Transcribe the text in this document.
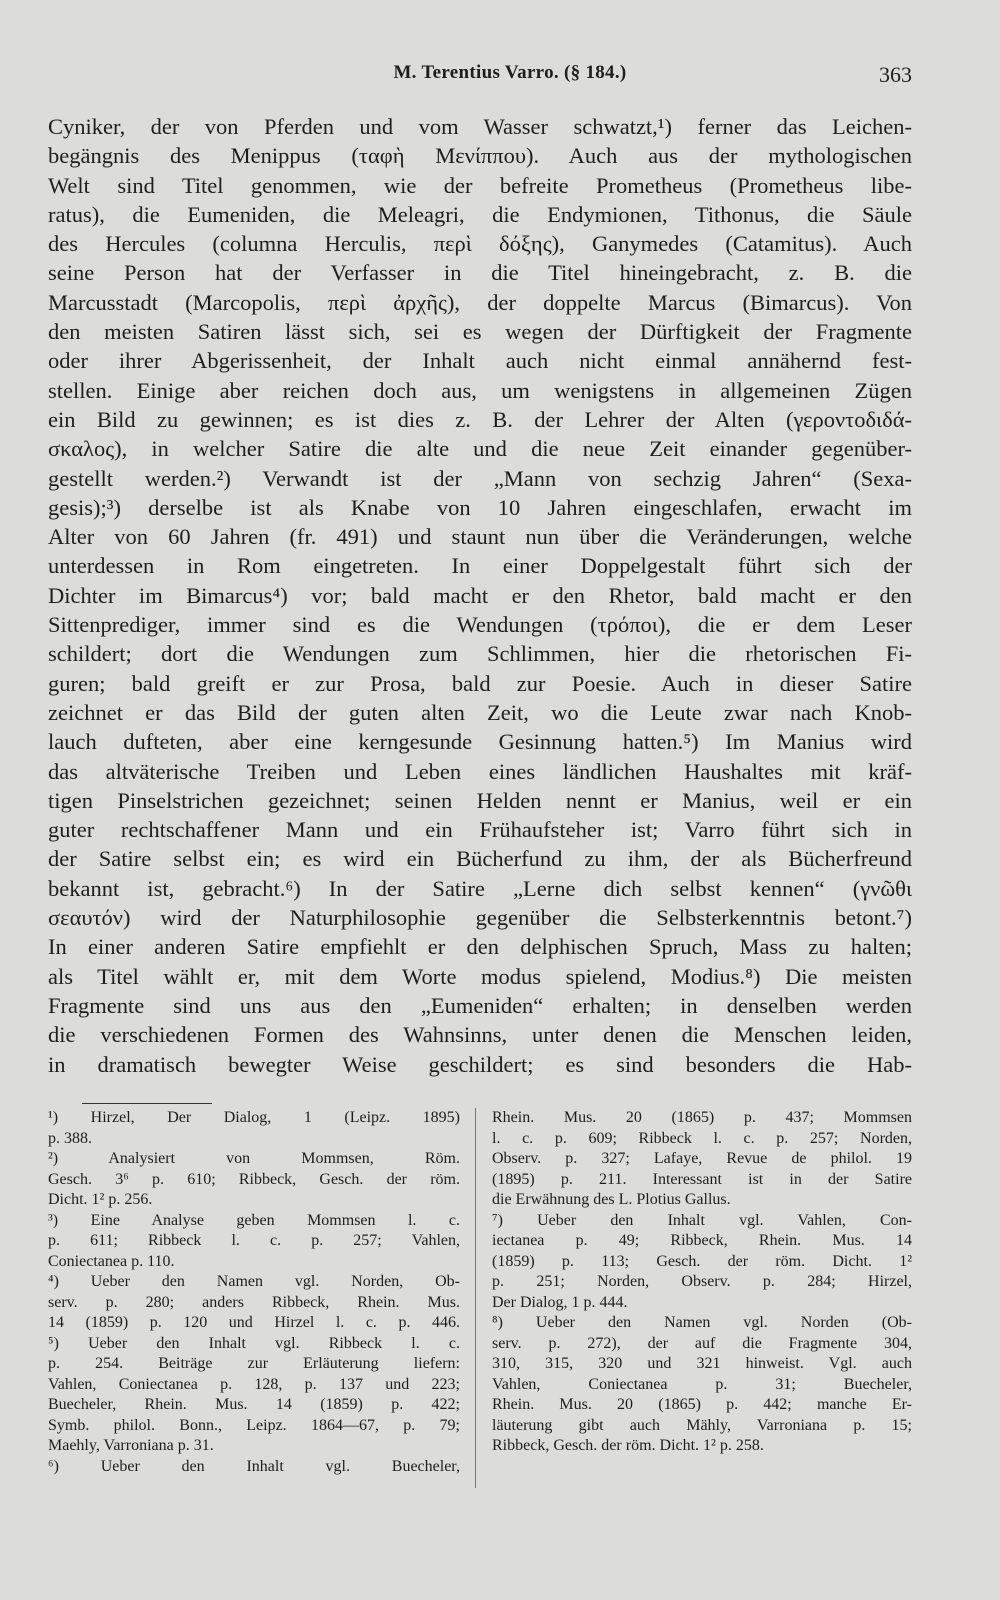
M. Terentius Varro. (§ 184.)	363
Cyniker, der von Pferden und vom Wasser schwatzt,¹) ferner das Leichen-
begängnis des Menippus (ταφὴ Μενίππου). Auch aus der mythologischen
Welt sind Titel genommen, wie der befreite Prometheus (Prometheus libe-
ratus), die Eumeniden, die Meleagri, die Endymionen, Tithonus, die Säule
des Hercules (columna Herculis, περὶ δόξης), Ganymedes (Catamitus). Auch
seine Person hat der Verfasser in die Titel hineingebracht, z. B. die
Marcusstadt (Marcopolis, περὶ ἀρχῆς), der doppelte Marcus (Bimarcus). Von
den meisten Satiren lässt sich, sei es wegen der Dürftigkeit der Fragmente
oder ihrer Abgerissenheit, der Inhalt auch nicht einmal annähernd fest-
stellen. Einige aber reichen doch aus, um wenigstens in allgemeinen Zügen
ein Bild zu gewinnen; es ist dies z. B. der Lehrer der Alten (γεροντοδιδά-
σκαλος), in welcher Satire die alte und die neue Zeit einander gegenüber-
gestellt werden.²) Verwandt ist der „Mann von sechzig Jahren“ (Sexa-
gesis);³) derselbe ist als Knabe von 10 Jahren eingeschlafen, erwacht im
Alter von 60 Jahren (fr. 491) und staunt nun über die Veränderungen, welche
unterdessen in Rom eingetreten. In einer Doppelgestalt führt sich der
Dichter im Bimarcus⁴) vor; bald macht er den Rhetor, bald macht er den
Sittenprediger, immer sind es die Wendungen (τρόποι), die er dem Leser
schildert; dort die Wendungen zum Schlimmen, hier die rhetorischen Fi-
guren; bald greift er zur Prosa, bald zur Poesie. Auch in dieser Satire
zeichnet er das Bild der guten alten Zeit, wo die Leute zwar nach Knob-
lauch dufteten, aber eine kerngesunde Gesinnung hatten.⁵) Im Manius wird
das altväterische Treiben und Leben eines ländlichen Haushaltes mit kräf-
tigen Pinselstrichen gezeichnet; seinen Helden nennt er Manius, weil er ein
guter rechtschaffener Mann und ein Frühaufsteher ist; Varro führt sich in
der Satire selbst ein; es wird ein Bücherfund zu ihm, der als Bücherfreund
bekannt ist, gebracht.⁶) In der Satire „Lerne dich selbst kennen“ (γνῶθι
σεαυτόν) wird der Naturphilosophie gegenüber die Selbsterkenntnis betont.⁷)
In einer anderen Satire empfiehlt er den delphischen Spruch, Mass zu halten;
als Titel wählt er, mit dem Worte modus spielend, Modius.⁸) Die meisten
Fragmente sind uns aus den „Eumeniden“ erhalten; in denselben werden
die verschiedenen Formen des Wahnsinns, unter denen die Menschen leiden,
in dramatisch bewegter Weise geschildert; es sind besonders die Hab-
¹) Hirzel, Der Dialog, 1 (Leipz. 1895)
p. 388.
²) Analysiert von Mommsen, Röm.
Gesch. 3⁶ p. 610; Ribbeck, Gesch. der röm.
Dicht. 1² p. 256.
³) Eine Analyse geben Mommsen l. c.
p. 611; Ribbeck l. c. p. 257; Vahlen,
Coniectanea p. 110.
⁴) Ueber den Namen vgl. Norden, Ob-
serv. p. 280; anders Ribbeck, Rhein. Mus.
14 (1859) p. 120 und Hirzel l. c. p. 446.
⁵) Ueber den Inhalt vgl. Ribbeck l. c.
p. 254. Beiträge zur Erläuterung liefern:
Vahlen, Coniectanea p. 128, p. 137 und 223;
Buecheler, Rhein. Mus. 14 (1859) p. 422;
Symb. philol. Bonn., Leipz. 1864—67, p. 79;
Maehly, Varroniana p. 31.
⁶) Ueber den Inhalt vgl. Buecheler,
Rhein. Mus. 20 (1865) p. 437; Mommsen
l. c. p. 609; Ribbeck l. c. p. 257; Norden,
Observ. p. 327; Lafaye, Revue de philol. 19
(1895) p. 211. Interessant ist in der Satire
die Erwähnung des L. Plotius Gallus.
⁷) Ueber den Inhalt vgl. Vahlen, Con-
iectanea p. 49; Ribbeck, Rhein. Mus. 14
(1859) p. 113; Gesch. der röm. Dicht. 1²
p. 251; Norden, Observ. p. 284; Hirzel,
Der Dialog, 1 p. 444.
⁸) Ueber den Namen vgl. Norden (Ob-
serv. p. 272), der auf die Fragmente 304,
310, 315, 320 und 321 hinweist. Vgl. auch
Vahlen, Coniectanea p. 31; Buecheler,
Rhein. Mus. 20 (1865) p. 442; manche Er-
läuterung gibt auch Mähly, Varroniana p. 15;
Ribbeck, Gesch. der röm. Dicht. 1² p. 258.
